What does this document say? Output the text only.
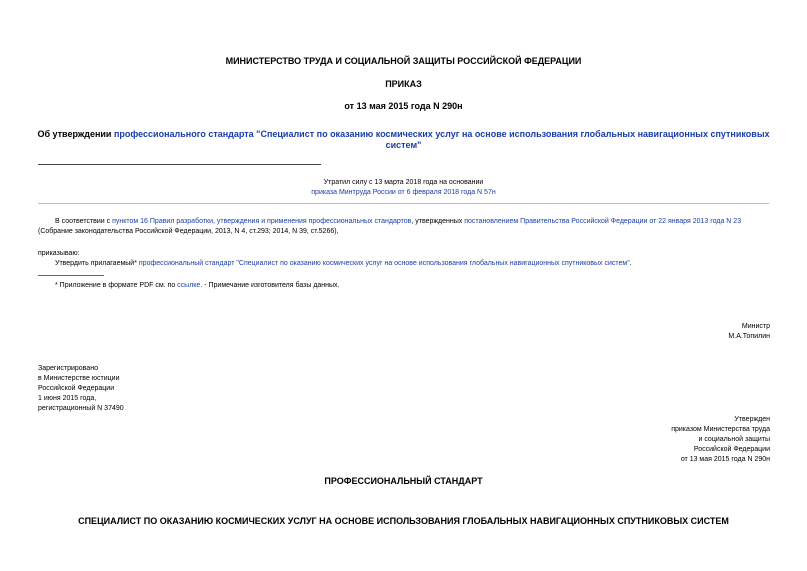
МИНИСТЕРСТВО ТРУДА И СОЦИАЛЬНОЙ ЗАЩИТЫ РОССИЙСКОЙ ФЕДЕРАЦИИ
ПРИКАЗ
от 13 мая 2015 года N 290н
Об утверждении профессионального стандарта "Специалист по оказанию космических услуг на основе использования глобальных навигационных спутниковых
систем"
Утратил силу с 13 марта 2018 года на основании
приказа Минтруда России от 6 февраля 2018 года N 57н
В соответствии с пунктом 16 Правил разработки, утверждения и применения профессиональных стандартов, утвержденных постановлением Правительства Российской Федерации от 22 января 2013 года N 23
(Собрание законодательства Российской Федерации, 2013, N 4, ст.293; 2014, N 39, ст.5266),
приказываю:
Утвердить прилагаемый* профессиональный стандарт "Специалист по оказанию космических услуг на основе использования глобальных навигационных спутниковых систем".
* Приложение в формате PDF см. по ссылке. - Примечание изготовителя базы данных.
Министр
М.А.Топилин
Зарегистрировано
в Министерстве юстиции
Российской Федерации
1 июня 2015 года,
регистрационный N 37490
Утвержден
приказом Министерства труда
и социальной защиты
Российской Федерации
от 13 мая 2015 года N 290н
ПРОФЕССИОНАЛЬНЫЙ СТАНДАРТ
СПЕЦИАЛИСТ ПО ОКАЗАНИЮ КОСМИЧЕСКИХ УСЛУГ НА ОСНОВЕ ИСПОЛЬЗОВАНИЯ ГЛОБАЛЬНЫХ НАВИГАЦИОННЫХ СПУТНИКОВЫХ СИСТЕМ
